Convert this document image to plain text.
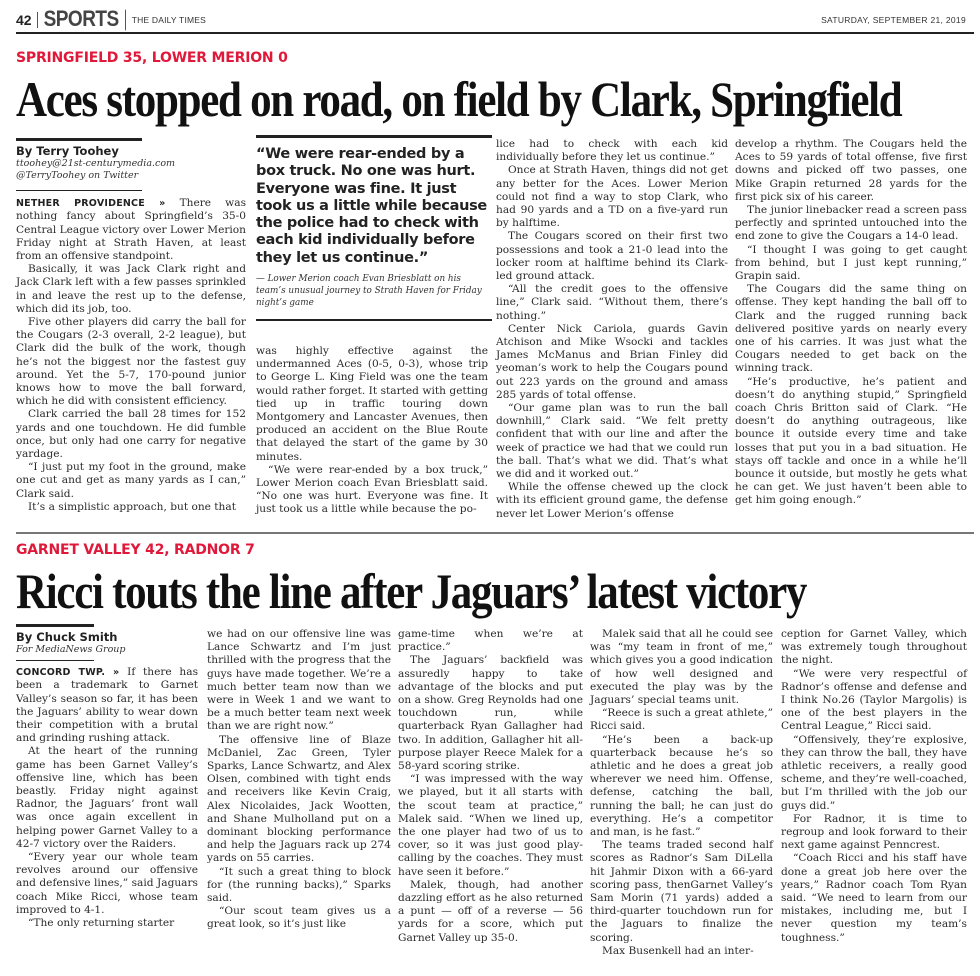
42 SPORTS	THE DAILY TIMES	SATURDAY, SEPTEMBER 21, 2019
SPRINGFIELD 35, LOWER MERION 0
Aces stopped on road, on field by Clark, Springfield
By Terry Toohey
ttoohey@21st-centurymedia.com
@TerryToohey on Twitter

NETHER PROVIDENCE » There was nothing fancy about Springfield’s 35-0 Central League victory over Lower Merion Friday night at Strath Haven, at least from an offensive standpoint.

Basically, it was Jack Clark right and Jack Clark left with a few passes sprinkled in and leave the rest up to the defense, which did its job, too.

Five other players did carry the ball for the Cougars (2-3 overall, 2-2 league), but Clark did the bulk of the work, though he’s not the biggest nor the fastest guy around. Yet the 5-7, 170-pound junior knows how to move the ball forward, which he did with consistent efficiency.

Clark carried the ball 28 times for 152 yards and one touchdown. He did fumble once, but only had one carry for negative yardage.

“I just put my foot in the ground, make one cut and get as many yards as I can,” Clark said.

It’s a simplistic approach, but one that

“We were rear-ended by a box truck. No one was hurt. Everyone was fine. It just took us a little while because the police had to check with each kid individually before they let us continue.”
— Lower Merion coach Evan Briesblatt on his team’s unusual journey to Strath Haven for Friday night’s game

was highly effective against the undermanned Aces (0-5, 0-3), whose trip to George L. King Field was one the team would rather forget. It started with getting tied up in traffic touring down Montgomery and Lancaster Avenues, then produced an accident on the Blue Route that delayed the start of the game by 30 minutes.

“We were rear-ended by a box truck,” Lower Merion coach Evan Briesblatt said. “No one was hurt. Everyone was fine. It just took us a little while because the po-

lice had to check with each kid individually before they let us continue.”

Once at Strath Haven, things did not get any better for the Aces. Lower Merion could not find a way to stop Clark, who had 90 yards and a TD on a five-yard run by halftime.

The Cougars scored on their first two possessions and took a 21-0 lead into the locker room at halftime behind its Clark-led ground attack.

“All the credit goes to the offensive line,” Clark said. “Without them, there’s nothing.”

Center Nick Cariola, guards Gavin Atchison and Mike Wsocki and tackles James McManus and Brian Finley did yeoman’s work to help the Cougars pound out 223 yards on the ground and amass 285 yards of total offense.

“Our game plan was to run the ball downhill,” Clark said. “We felt pretty confident that with our line and after the week of practice we had that we could run the ball. That’s what we did. That’s what we did and it worked out.”

While the offense chewed up the clock with its efficient ground game, the defense never let Lower Merion’s offense

develop a rhythm. The Cougars held the Aces to 59 yards of total offense, five first downs and picked off two passes, one Mike Grapin returned 28 yards for the first pick six of his career.

The junior linebacker read a screen pass perfectly and sprinted untouched into the end zone to give the Cougars a 14-0 lead.

“I thought I was going to get caught from behind, but I just kept running,” Grapin said.

The Cougars did the same thing on offense. They kept handing the ball off to Clark and the rugged running back delivered positive yards on nearly every one of his carries. It was just what the Cougars needed to get back on the winning track.

“He’s productive, he’s patient and doesn’t do anything stupid,” Springfield coach Chris Britton said of Clark. “He doesn’t do anything outrageous, like bounce it outside every time and take losses that put you in a bad situation. He stays off tackle and once in a while he’ll bounce it outside, but mostly he gets what he can get. We just haven’t been able to get him going enough.”

GARNET VALLEY 42, RADNOR 7
Ricci touts the line after Jaguars’ latest victory
By Chuck Smith
For MediaNews Group

CONCORD TWP. » If there has been a trademark to Garnet Valley’s season so far, it has been the Jaguars’ ability to wear down their competition with a brutal and grinding rushing attack.

At the heart of the running game has been Garnet Valley’s offensive line, which has been beastly. Friday night against Radnor, the Jaguars’ front wall was once again excellent in helping power Garnet Valley to a 42-7 victory over the Raiders.

“Every year our whole team revolves around our offensive and defensive lines,” said Jaguars coach Mike Ricci, whose team improved to 4-1.

“The only returning starter

we had on our offensive line was Lance Schwartz and I’m just thrilled with the progress that the guys have made together. We’re a much better team now than we were in Week 1 and we want to be a much better team next week than we are right now.”

The offensive line of Blaze McDaniel, Zac Green, Tyler Sparks, Lance Schwartz, and Alex Olsen, combined with tight ends and receivers like Kevin Craig, Alex Nicolaides, Jack Wootten, and Shane Mulholland put on a dominant blocking performance and help the Jaguars rack up 274 yards on 55 carries.

“It such a great thing to block for (the running backs),” Sparks said.

“Our scout team gives us a great look, so it’s just like

game-time when we’re at practice.”

The Jaguars’ backfield was assuredly happy to take advantage of the blocks and put on a show. Greg Reynolds had one touchdown run, while quarterback Ryan Gallagher had two. In addition, Gallagher hit all-purpose player Reece Malek for a 58-yard scoring strike.

“I was impressed with the way we played, but it all starts with the scout team at practice,” Malek said. “When we lined up, the one player had two of us to cover, so it was just good play-calling by the coaches. They must have seen it before.”

Malek, though, had another dazzling effort as he also returned a punt — off of a reverse — 56 yards for a score, which put Garnet Valley up 35-0.

Malek said that all he could see was “my team in front of me,” which gives you a good indication of how well designed and executed the play was by the Jaguars’ special teams unit.

“Reece is such a great athlete,” Ricci said.

“He’s been a back-up quarterback because he’s so athletic and he does a great job wherever we need him. Offense, defense, catching the ball, running the ball; he can just do everything. He’s a competitor and man, is he fast.”

The teams traded second half scores as Radnor’s Sam DiLella hit Jahmir Dixon with a 66-yard scoring pass, thenGarnet Valley’s Sam Morin (71 yards) added a third-quarter touchdown run for the Jaguars to finalize the scoring.

Max Busenkell had an inter-

ception for Garnet Valley, which was extremely tough throughout the night.

“We were very respectful of Radnor’s offense and defense and I think No.26 (Taylor Margolis) is one of the best players in the Central League,” Ricci said.

“Offensively, they’re explosive, they can throw the ball, they have athletic receivers, a really good scheme, and they’re well-coached, but I’m thrilled with the job our guys did.”

For Radnor, it is time to regroup and look forward to their next game against Penncrest.

“Coach Ricci and his staff have done a great job here over the years,” Radnor coach Tom Ryan said. “We need to learn from our mistakes, including me, but I never question my team’s toughness.”
